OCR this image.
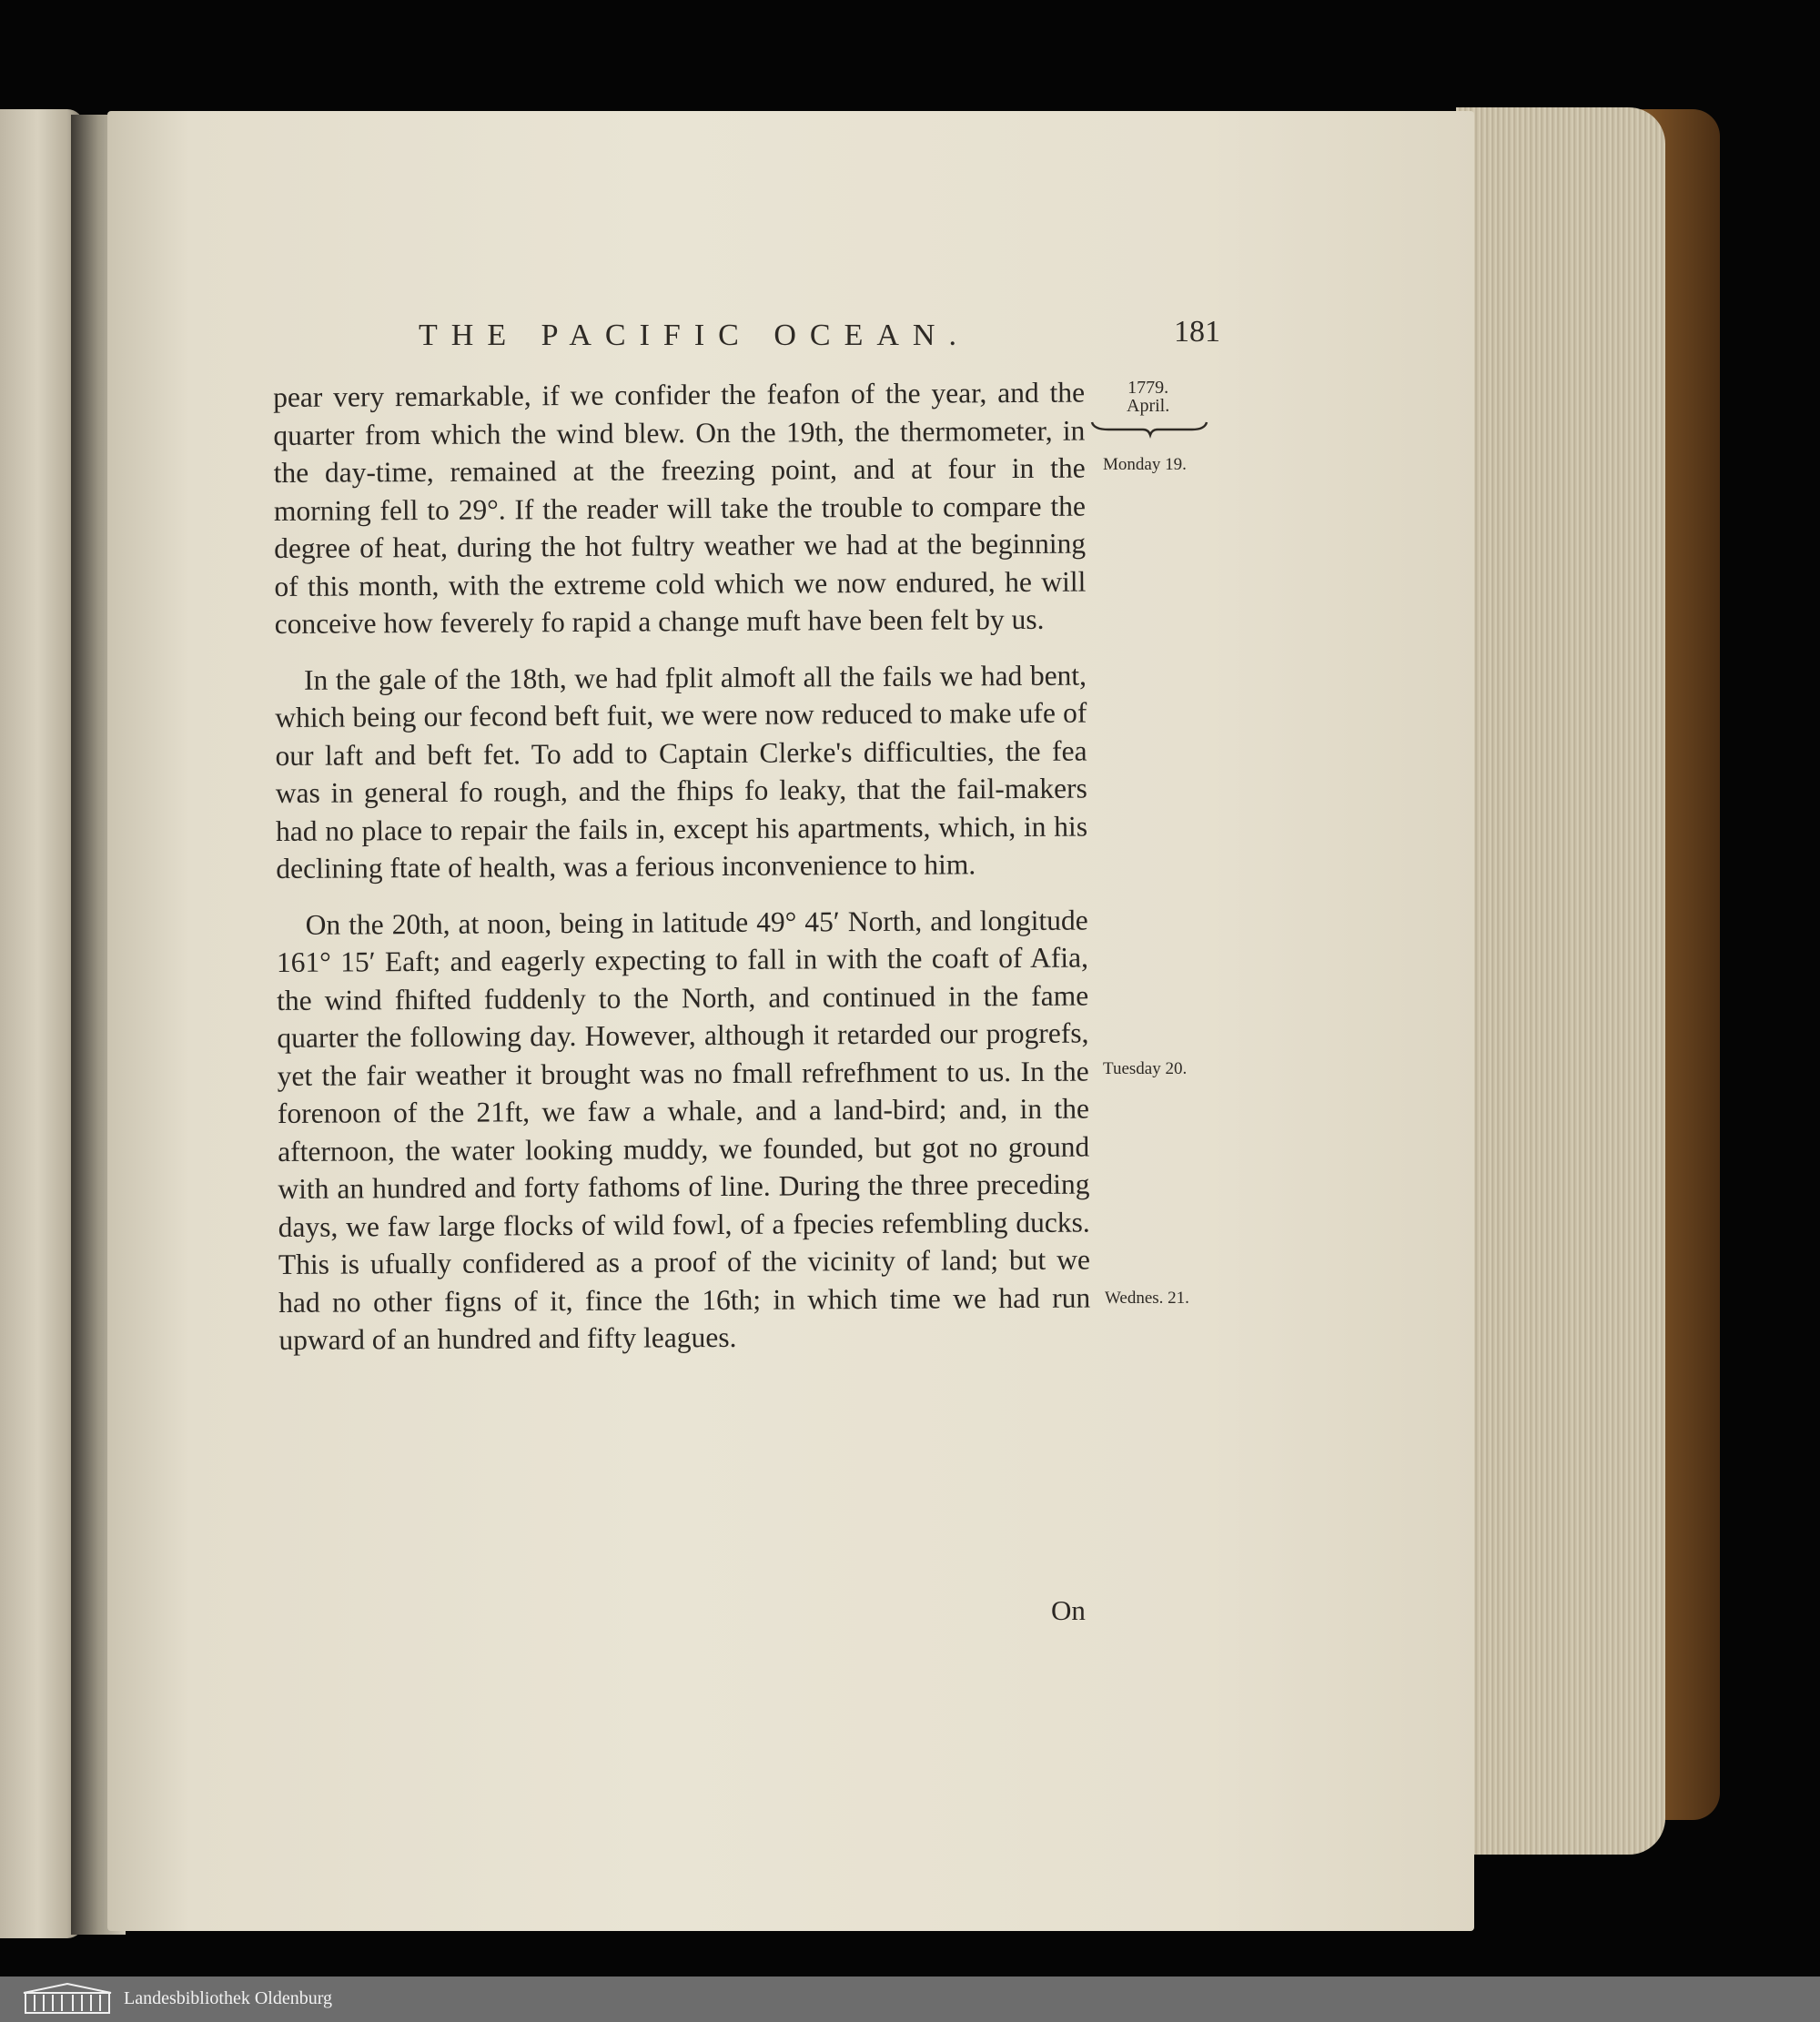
THE PACIFIC OCEAN.	181
1779.
April.
Monday 19.
Tuesday 20.
Wednes. 21.

pear very remarkable, if we confider the feafon of the year, and the quarter from which the wind blew. On the 19th, the thermometer, in the day-time, remained at the freezing point, and at four in the morning fell to 29°. If the reader will take the trouble to compare the degree of heat, during the hot fultry weather we had at the beginning of this month, with the extreme cold which we now endured, he will conceive how feverely fo rapid a change muft have been felt by us.

In the gale of the 18th, we had fplit almoft all the fails we had bent, which being our fecond beft fuit, we were now reduced to make ufe of our laft and beft fet. To add to Captain Clerke's difficulties, the fea was in general fo rough, and the fhips fo leaky, that the fail-makers had no place to repair the fails in, except his apartments, which, in his declining ftate of health, was a ferious inconvenience to him.

On the 20th, at noon, being in latitude 49° 45′ North, and longitude 161° 15′ Eaft; and eagerly expecting to fall in with the coaft of Afia, the wind fhifted fuddenly to the North, and continued in the fame quarter the following day. However, although it retarded our progrefs, yet the fair weather it brought was no fmall refrefhment to us. In the forenoon of the 21ft, we faw a whale, and a land-bird; and, in the afternoon, the water looking muddy, we founded, but got no ground with an hundred and forty fathoms of line. During the three preceding days, we faw large flocks of wild fowl, of a fpecies refembling ducks. This is ufually confidered as a proof of the vicinity of land; but we had no other figns of it, fince the 16th; in which time we had run upward of an hundred and fifty leagues.

On
Landesbibliothek Oldenburg
